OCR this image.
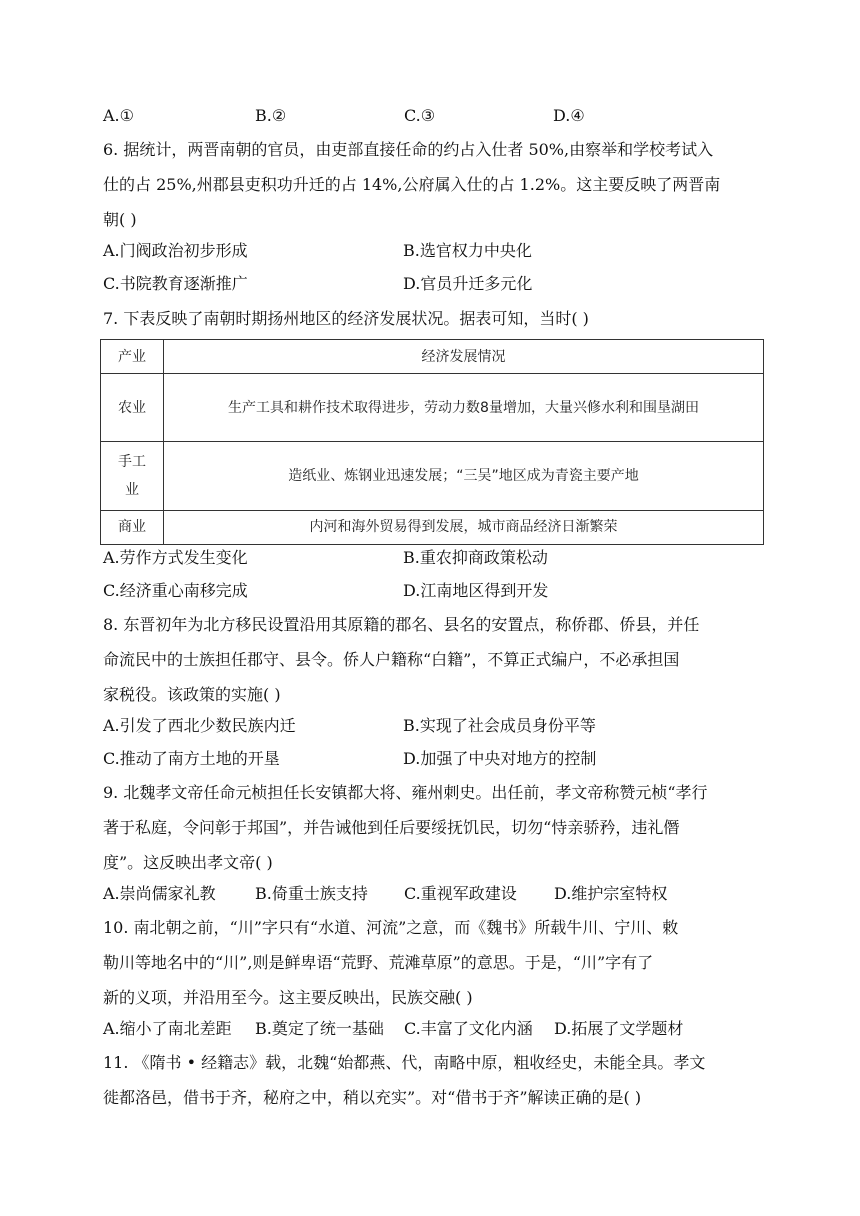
A.①	B.②	C.③	D.④
6. 据统计，两晋南朝的官员，由吏部直接任命的约占入仕者 50%,由察举和学校考试入
仕的占 25%,州郡县吏积功升迁的占 14%,公府属入仕的占 1.2%。这主要反映了两晋南
朝( )
A.门阀政治初步形成	B.选官权力中央化
C.书院教育逐渐推广	D.官员升迁多元化
7. 下表反映了南朝时期扬州地区的经济发展状况。据表可知，当时( )
产业	经济发展情况
农业	生产工具和耕作技术取得进步，劳动力数8量增加，大量兴修水利和围垦湖田
手工业	造纸业、炼钢业迅速发展；“三吴”地区成为青瓷主要产地
商业	内河和海外贸易得到发展，城市商品经济日渐繁荣
A.劳作方式发生变化	B.重农抑商政策松动
C.经济重心南移完成	D.江南地区得到开发
8. 东晋初年为北方移民设置沿用其原籍的郡名、县名的安置点，称侨郡、侨县，并任
命流民中的士族担任郡守、县令。侨人户籍称“白籍”，不算正式编户，不必承担国
家税役。该政策的实施( )
A.引发了西北少数民族内迁	B.实现了社会成员身份平等
C.推动了南方土地的开垦	D.加强了中央对地方的控制
9. 北魏孝文帝任命元桢担任长安镇都大将、雍州刺史。出任前，孝文帝称赞元桢“孝行
著于私庭，令问彰于邦国”，并告诫他到任后要绥抚饥民，切勿“恃亲骄矜，违礼僭
度”。这反映出孝文帝( )
A.崇尚儒家礼教 B.倚重士族支持 C.重视军政建设 D.维护宗室特权
10. 南北朝之前，“川”字只有“水道、河流”之意，而《魏书》所载牛川、宁川、敕
勒川等地名中的“川”,则是鲜卑语“荒野、荒滩草原”的意思。于是，“川”字有了
新的义项，并沿用至今。这主要反映出，民族交融( )
A.缩小了南北差距 B.奠定了统一基础 C.丰富了文化内涵 D.拓展了文学题材
11. 《隋书 • 经籍志》载，北魏“始都燕、代，南略中原，粗收经史，未能全具。孝文
徙都洛邑，借书于齐，秘府之中，稍以充实”。对“借书于齐”解读正确的是( )
